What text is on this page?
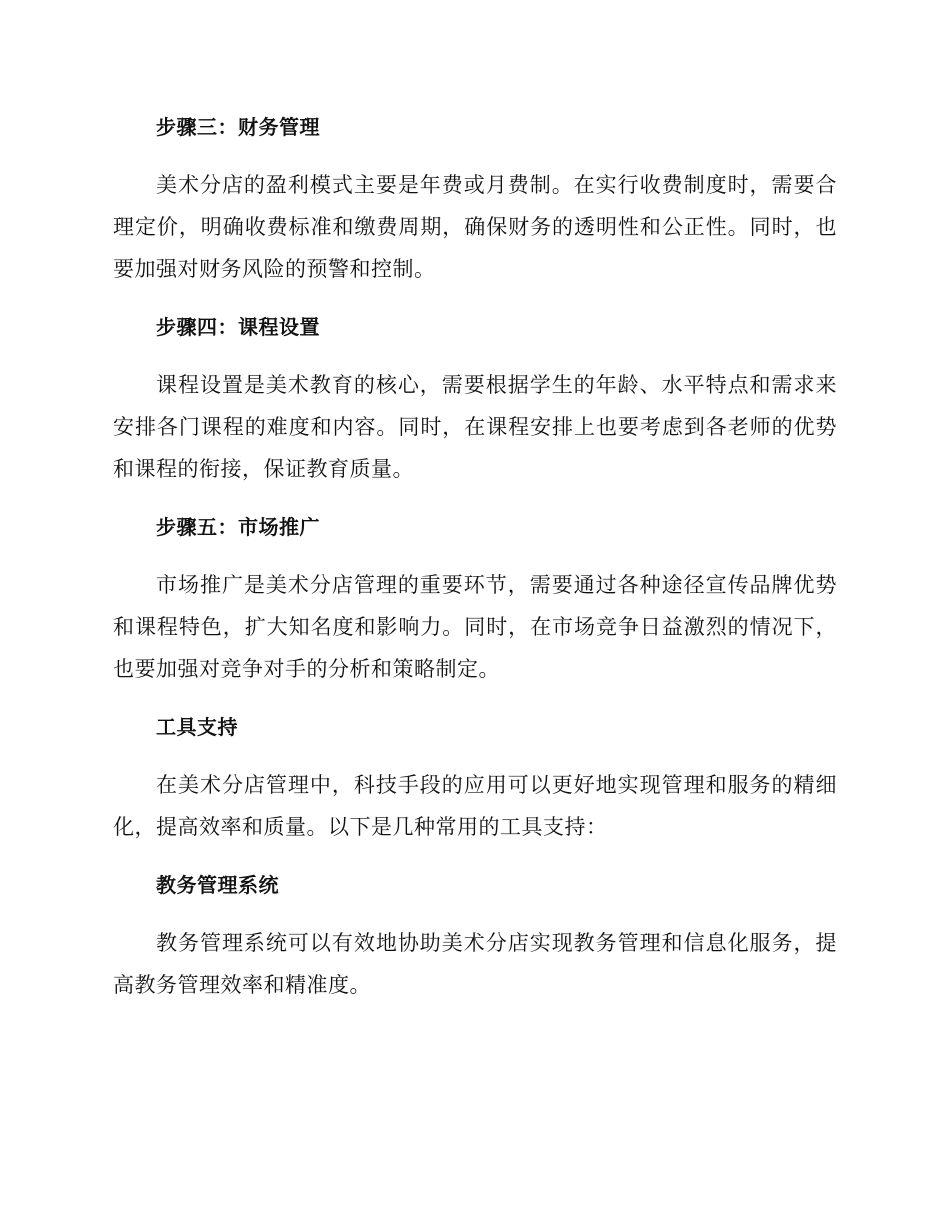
步骤三：财务管理

美术分店的盈利模式主要是年费或月费制。在实行收费制度时，需要合理定价，明确收费标准和缴费周期，确保财务的透明性和公正性。同时，也要加强对财务风险的预警和控制。

步骤四：课程设置

课程设置是美术教育的核心，需要根据学生的年龄、水平特点和需求来安排各门课程的难度和内容。同时，在课程安排上也要考虑到各老师的优势和课程的衔接，保证教育质量。

步骤五：市场推广

市场推广是美术分店管理的重要环节，需要通过各种途径宣传品牌优势和课程特色，扩大知名度和影响力。同时，在市场竞争日益激烈的情况下，也要加强对竞争对手的分析和策略制定。

工具支持

在美术分店管理中，科技手段的应用可以更好地实现管理和服务的精细化，提高效率和质量。以下是几种常用的工具支持：

教务管理系统

教务管理系统可以有效地协助美术分店实现教务管理和信息化服务，提高教务管理效率和精准度。
